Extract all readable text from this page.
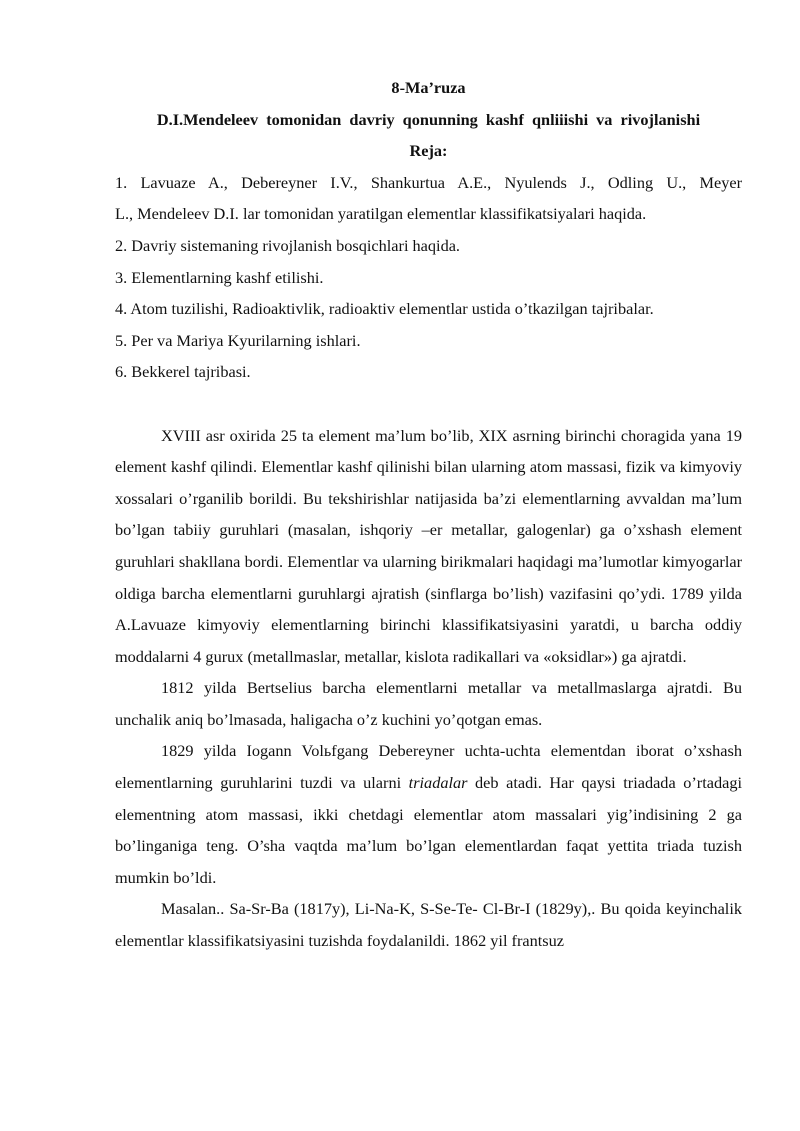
8-Ma’ruza
D.I.Mendeleev tomonidan davriy qonunning kashf qnliiishi va rivojlanishi
Reja:
1. Lavuaze A., Debereyner I.V., Shankurtua A.E., Nyulends J., Odling U., Meyer
L., Mendeleev D.I. lar tomonidan yaratilgan elementlar klassifikatsiyalari haqida.
2. Davriy sistemaning rivojlanish bosqichlari haqida.
3. Elementlarning kashf etilishi.
4. Atom tuzilishi, Radioaktivlik, radioaktiv elementlar ustida o’tkazilgan tajribalar.
5. Per va Mariya Kyurilarning ishlari.
6. Bekkerel tajribasi.

XVIII asr oxirida 25 ta element ma’lum bo’lib, XIX asrning birinchi choragida yana 19 element kashf qilindi. Elementlar kashf qilinishi bilan ularning atom massasi, fizik va kimyoviy xossalari o’rganilib borildi. Bu tekshirishlar natijasida ba’zi elementlarning avvaldan ma’lum bo’lgan tabiiy guruhlari (masalan, ishqoriy –er metallar, galogenlar) ga o’xshash element guruhlari shakllana bordi. Elementlar va ularning birikmalari haqidagi ma’lumotlar kimyogarlar oldiga barcha elementlarni guruhlargi ajratish (sinflarga bo’lish) vazifasini qo’ydi. 1789 yilda A.Lavuaze kimyoviy elementlarning birinchi klassifikatsiyasini yaratdi, u barcha oddiy moddalarni 4 gurux (metallmaslar, metallar, kislota radikallari va «oksidlar») ga ajratdi.

1812 yilda Bertselius barcha elementlarni metallar va metallmaslarga ajratdi. Bu unchalik aniq bo’lmasada, haligacha o’z kuchini yo’qotgan emas.

1829 yilda Iogann Volьfgang Debereyner uchta-uchta elementdan iborat o’xshash elementlarning guruhlarini tuzdi va ularni triadalar deb atadi. Har qaysi triadada o’rtadagi elementning atom massasi, ikki chetdagi elementlar atom massalari yig’indisining 2 ga bo’linganiga teng. O’sha vaqtda ma’lum bo’lgan elementlardan faqat yettita triada tuzish mumkin bo’ldi.

Masalan.. Sa-Sr-Ba (1817y), Li-Na-K, S-Se-Te- Cl-Br-I (1829y),. Bu qoida keyinchalik elementlar klassifikatsiyasini tuzishda foydalanildi. 1862 yil frantsuz
